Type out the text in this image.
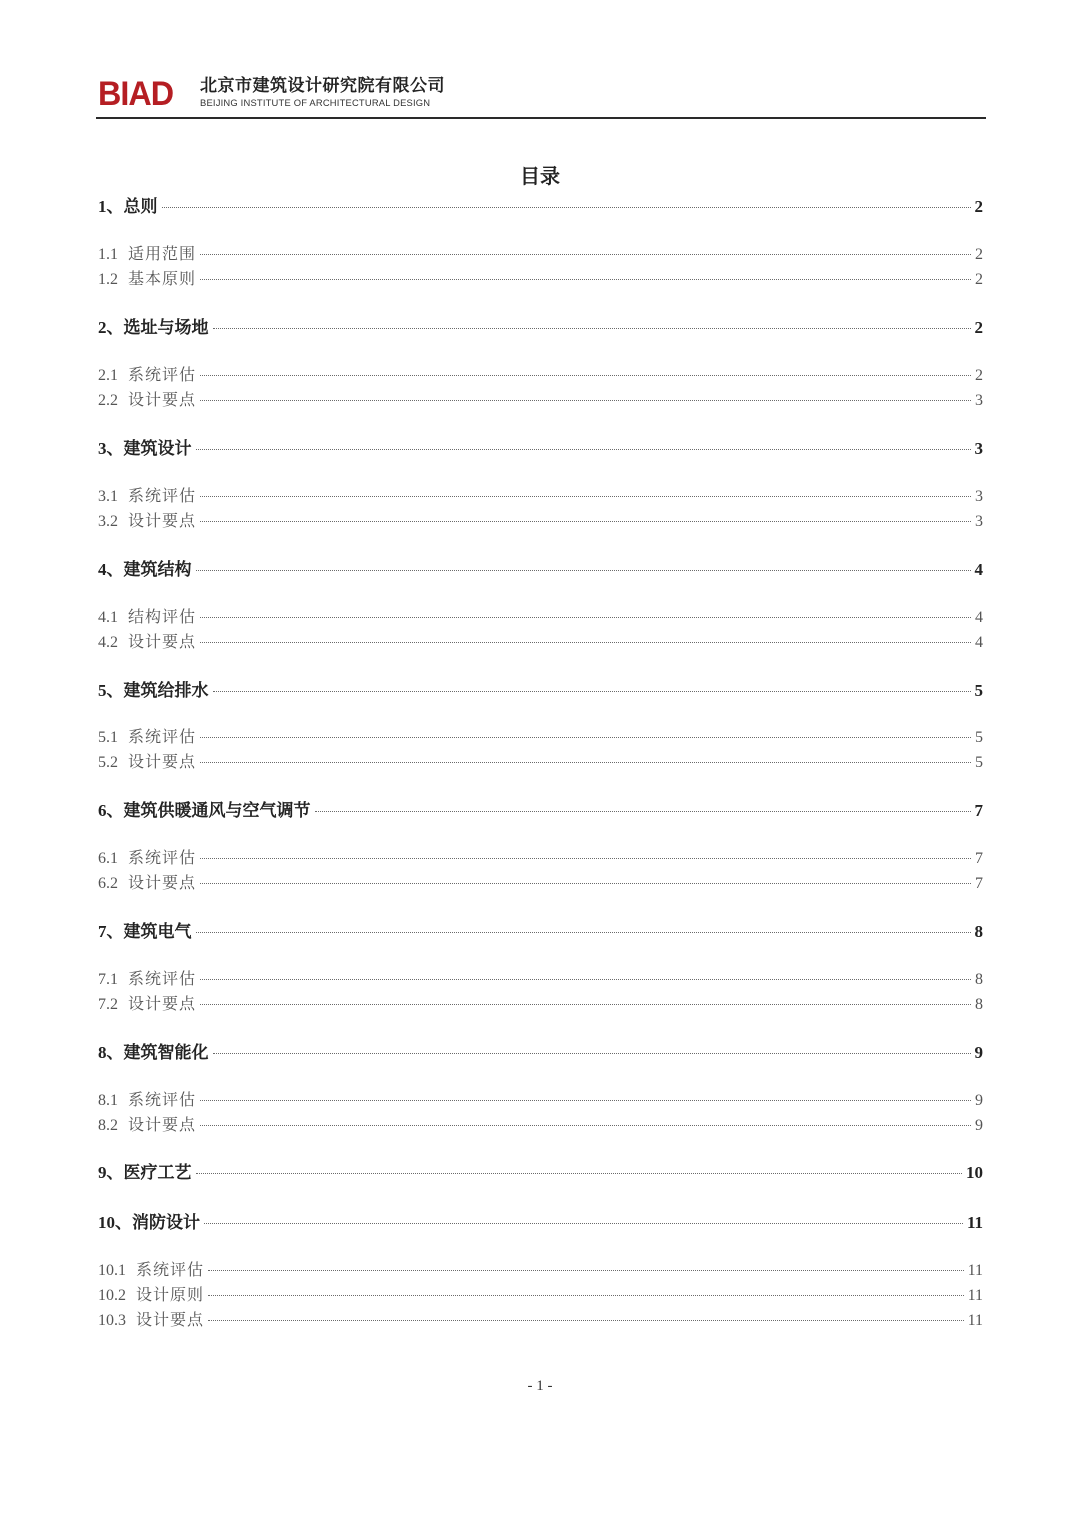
BIAD 北京市建筑设计研究院有限公司
BEIJING INSTITUTE OF ARCHITECTURAL DESIGN
目录
1、总则	2
1.1 适用范围	2
1.2 基本原则	2
2、选址与场地	2
2.1 系统评估	2
2.2 设计要点	3
3、建筑设计	3
3.1 系统评估	3
3.2 设计要点	3
4、建筑结构	4
4.1 结构评估	4
4.2 设计要点	4
5、建筑给排水	5
5.1 系统评估	5
5.2 设计要点	5
6、建筑供暖通风与空气调节	7
6.1 系统评估	7
6.2 设计要点	7
7、建筑电气	8
7.1 系统评估	8
7.2 设计要点	8
8、建筑智能化	9
8.1 系统评估	9
8.2 设计要点	9
9、医疗工艺	10
10、消防设计	11
10.1 系统评估	11
10.2 设计原则	11
10.3 设计要点	11
- 1 -
